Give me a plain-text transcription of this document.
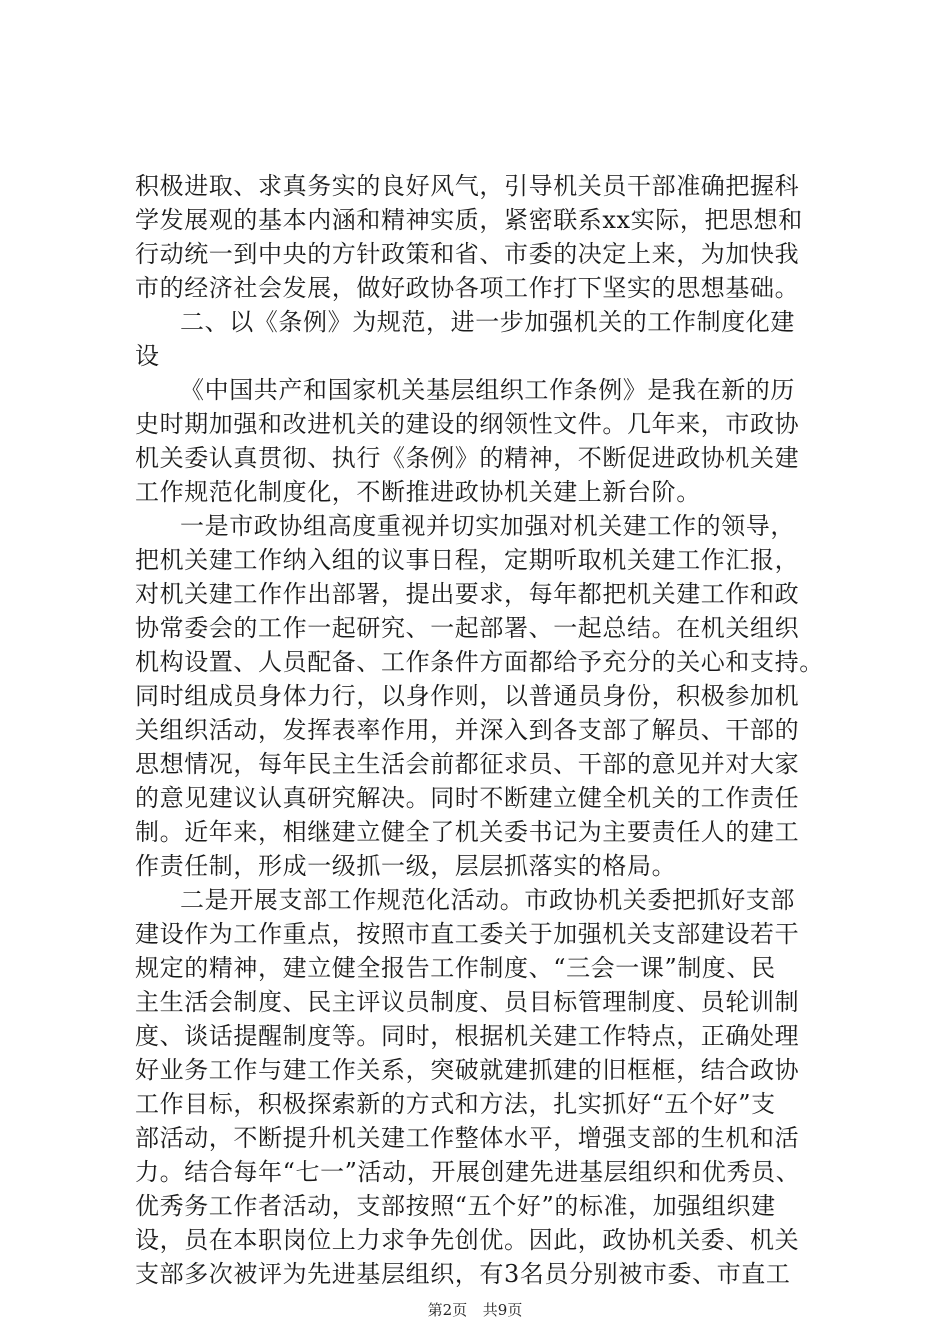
积极进取、求真务实的良好风气，引导机关员干部准确把握科
学发展观的基本内涵和精神实质，紧密联系xx实际，把思想和
行动统一到中央的方针政策和省、市委的决定上来，为加快我
市的经济社会发展，做好政协各项工作打下坚实的思想基础。
二、以《条例》为规范，进一步加强机关的工作制度化建
设
《中国共产和国家机关基层组织工作条例》是我在新的历
史时期加强和改进机关的建设的纲领性文件。几年来，市政协
机关委认真贯彻、执行《条例》的精神，不断促进政协机关建
工作规范化制度化，不断推进政协机关建上新台阶。
一是市政协组高度重视并切实加强对机关建工作的领导，
把机关建工作纳入组的议事日程，定期听取机关建工作汇报，
对机关建工作作出部署，提出要求，每年都把机关建工作和政
协常委会的工作一起研究、一起部署、一起总结。在机关组织
机构设置、人员配备、工作条件方面都给予充分的关心和支持。
同时组成员身体力行，以身作则，以普通员身份，积极参加机
关组织活动，发挥表率作用，并深入到各支部了解员、干部的
思想情况，每年民主生活会前都征求员、干部的意见并对大家
的意见建议认真研究解决。同时不断建立健全机关的工作责任
制。近年来，相继建立健全了机关委书记为主要责任人的建工
作责任制，形成一级抓一级，层层抓落实的格局。
二是开展支部工作规范化活动。市政协机关委把抓好支部
建设作为工作重点，按照市直工委关于加强机关支部建设若干
规定的精神，建立健全报告工作制度、“三会一课”制度、民
主生活会制度、民主评议员制度、员目标管理制度、员轮训制
度、谈话提醒制度等。同时，根据机关建工作特点，正确处理
好业务工作与建工作关系，突破就建抓建的旧框框，结合政协
工作目标，积极探索新的方式和方法，扎实抓好“五个好”支
部活动，不断提升机关建工作整体水平，增强支部的生机和活
力。结合每年“七一”活动，开展创建先进基层组织和优秀员、
优秀务工作者活动，支部按照“五个好”的标准，加强组织建
设，员在本职岗位上力求争先创优。因此，政协机关委、机关
支部多次被评为先进基层组织，有3名员分别被市委、市直工
第2页 共9页
